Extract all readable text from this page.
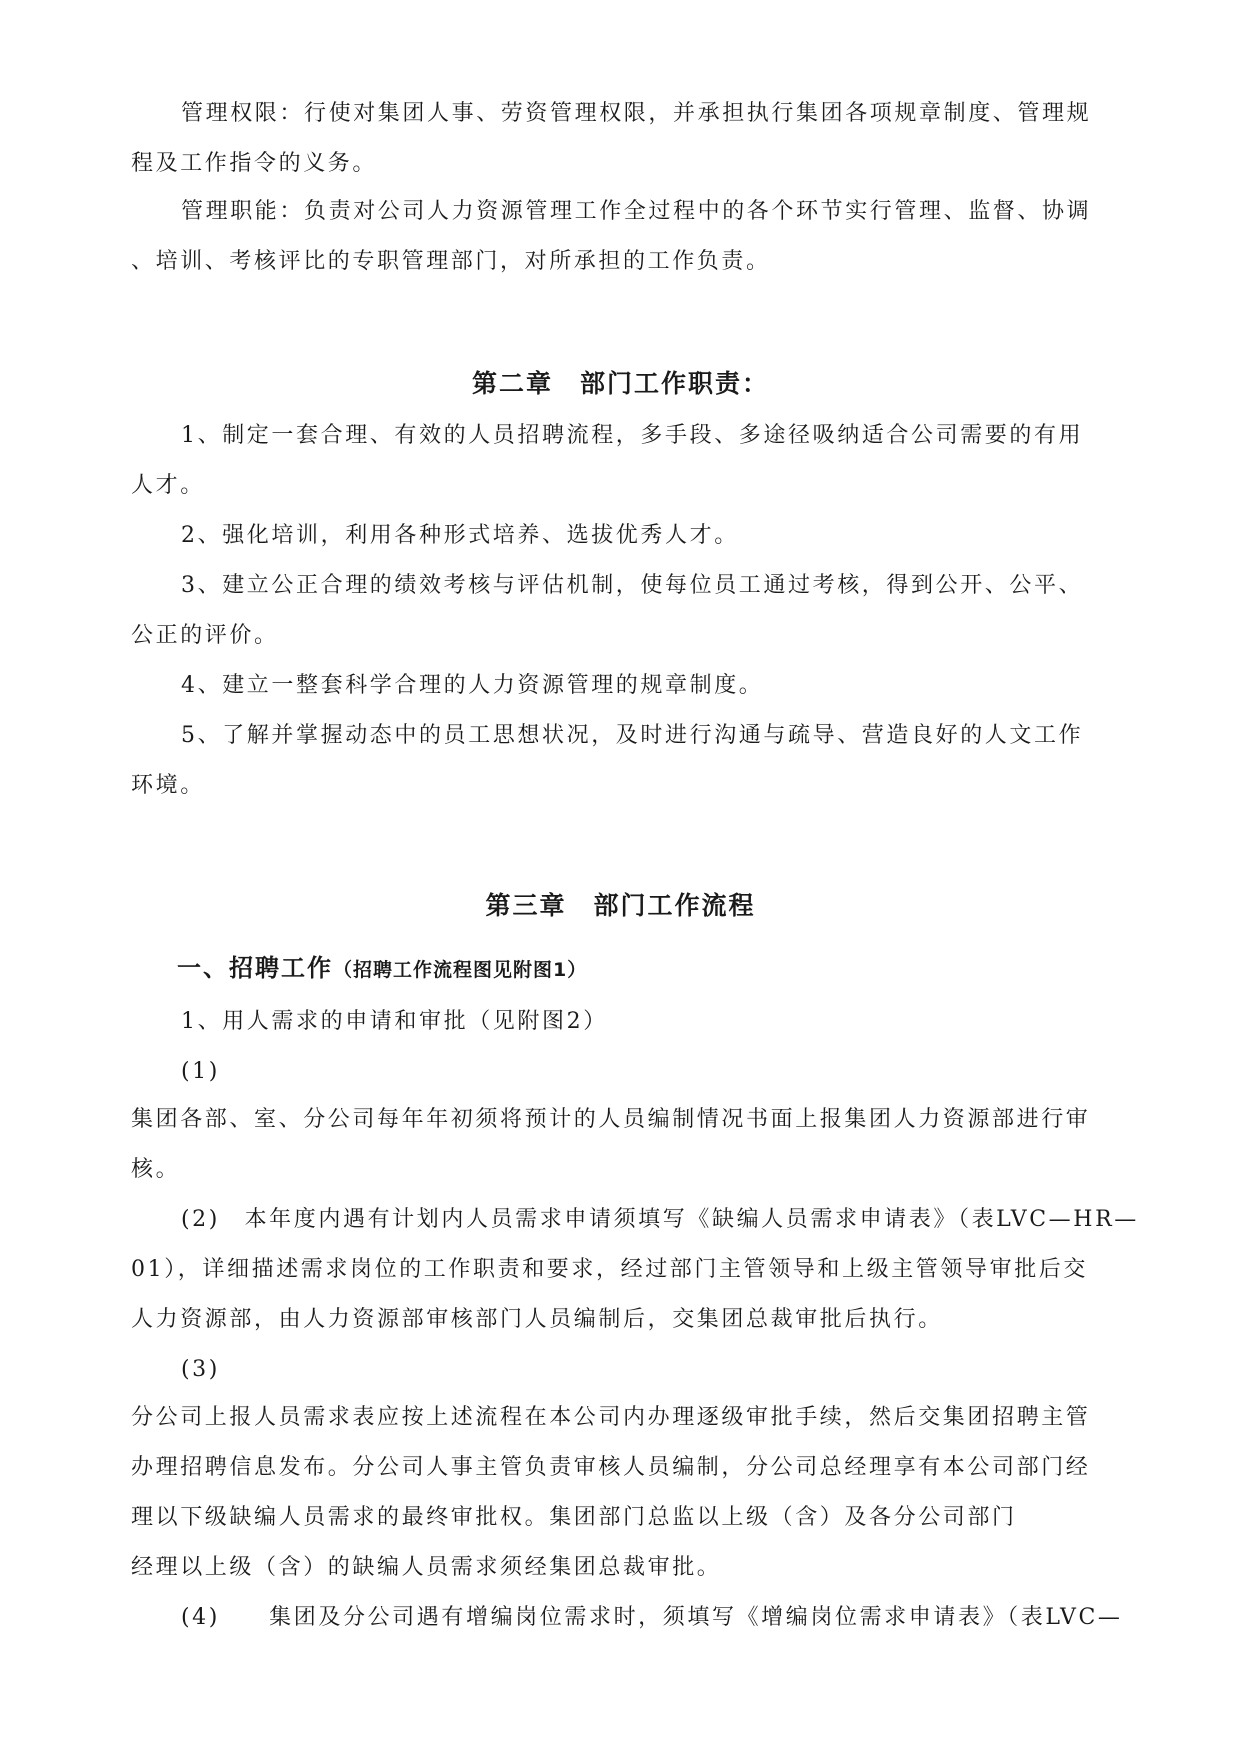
管理权限：行使对集团人事、劳资管理权限，并承担执行集团各项规章制度、管理规
程及工作指令的义务。
管理职能：负责对公司人力资源管理工作全过程中的各个环节实行管理、监督、协调
、培训、考核评比的专职管理部门，对所承担的工作负责。
第二章　部门工作职责：
1、制定一套合理、有效的人员招聘流程，多手段、多途径吸纳适合公司需要的有用
人才。
2、强化培训，利用各种形式培养、选拔优秀人才。
3、建立公正合理的绩效考核与评估机制，使每位员工通过考核，得到公开、公平、
公正的评价。
4、建立一整套科学合理的人力资源管理的规章制度。
5、了解并掌握动态中的员工思想状况，及时进行沟通与疏导、营造良好的人文工作
环境。
第三章　部门工作流程
一、招聘工作（招聘工作流程图见附图1）
1、用人需求的申请和审批（见附图2）
(1)
集团各部、室、分公司每年年初须将预计的人员编制情况书面上报集团人力资源部进行审
核。
(2)　本年度内遇有计划内人员需求申请须填写《缺编人员需求申请表》（表LVC—HR—
01），详细描述需求岗位的工作职责和要求，经过部门主管领导和上级主管领导审批后交
人力资源部，由人力资源部审核部门人员编制后，交集团总裁审批后执行。
(3)
分公司上报人员需求表应按上述流程在本公司内办理逐级审批手续，然后交集团招聘主管
办理招聘信息发布。分公司人事主管负责审核人员编制，分公司总经理享有本公司部门经
理以下级缺编人员需求的最终审批权。集团部门总监以上级（含）及各分公司部门
经理以上级（含）的缺编人员需求须经集团总裁审批。
(4)　　集团及分公司遇有增编岗位需求时，须填写《增编岗位需求申请表》（表LVC—
